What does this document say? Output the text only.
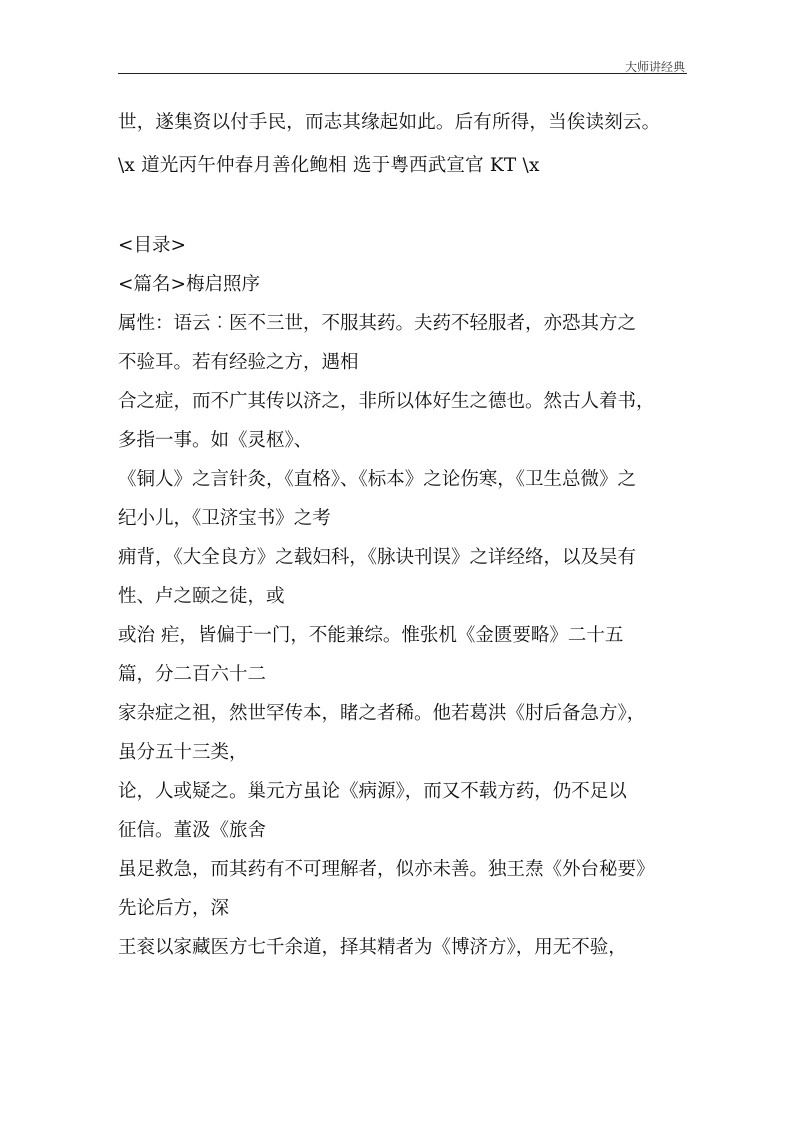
大师讲经典
世，遂集资以付手民，而志其缘起如此。后有所得，当俟读刻云。
\x 道光丙午仲春月善化鲍相 选于粤西武宣官 KT \x
<目录>
<篇名>梅启照序
属性：语云︰医不三世，不服其药。夫药不轻服者，亦恐其方之
不验耳。若有经验之方，遇相
合之症，而不广其传以济之，非所以体好生之德也。然古人着书，
多指一事。如《灵枢》、
《铜人》之言针灸，《直格》、《标本》之论伤寒，《卫生总微》之
纪小儿，《卫济宝书》之考
痈背，《大全良方》之载妇科，《脉诀刊误》之详经络，以及吴有
性、卢之颐之徒，或
或治 疟，皆偏于一门，不能兼综。惟张机《金匮要略》二十五
篇，分二百六十二
家杂症之祖，然世罕传本，睹之者稀。他若葛洪《肘后备急方》，
虽分五十三类，
论，人或疑之。巢元方虽论《病源》，而又不载方药，仍不足以
征信。董汲《旅舍
虽足救急，而其药有不可理解者，似亦未善。独王焘《外台秘要》
先论后方，深
王衮以家藏医方七千余道，择其精者为《博济方》，用无不验，
